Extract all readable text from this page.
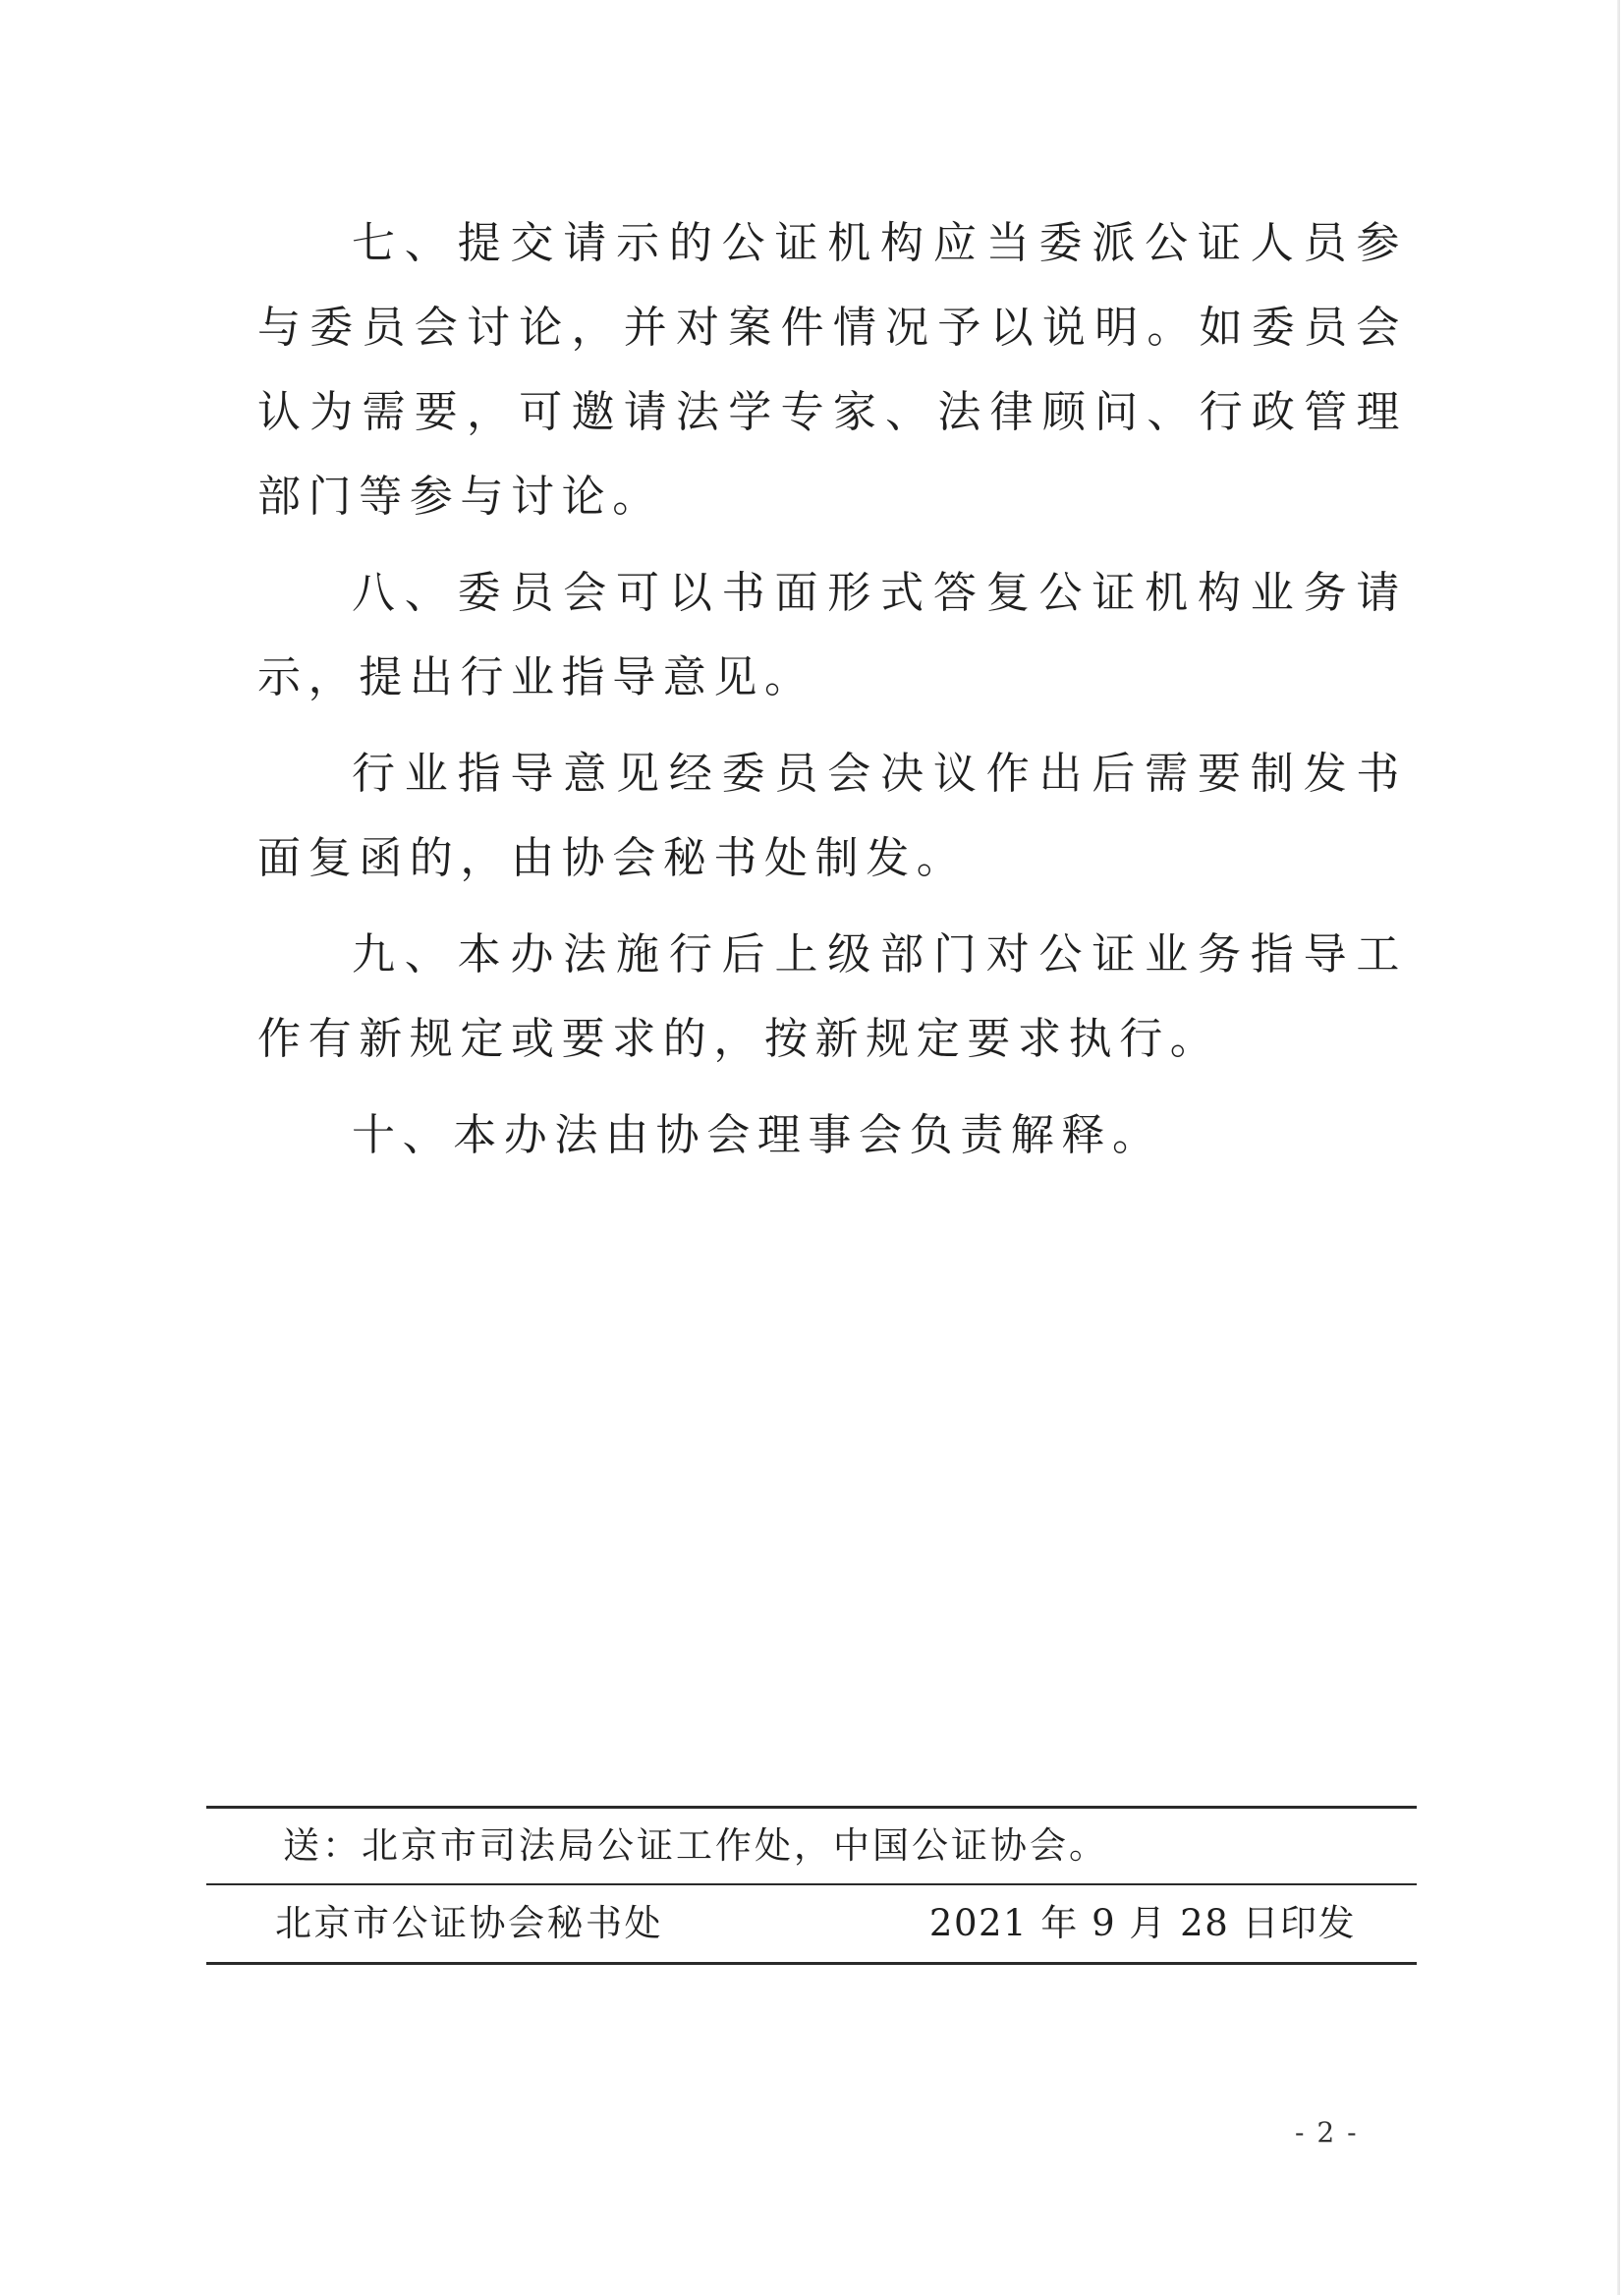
七、提交请示的公证机构应当委派公证人员参与委员会讨论，并对案件情况予以说明。如委员会认为需要，可邀请法学专家、法律顾问、行政管理部门等参与讨论。

八、委员会可以书面形式答复公证机构业务请示，提出行业指导意见。

行业指导意见经委员会决议作出后需要制发书面复函的，由协会秘书处制发。

九、本办法施行后上级部门对公证业务指导工作有新规定或要求的，按新规定要求执行。

十、本办法由协会理事会负责解释。

送：北京市司法局公证工作处，中国公证协会。
北京市公证协会秘书处	2021 年 9 月 28 日印发
- 2 -
